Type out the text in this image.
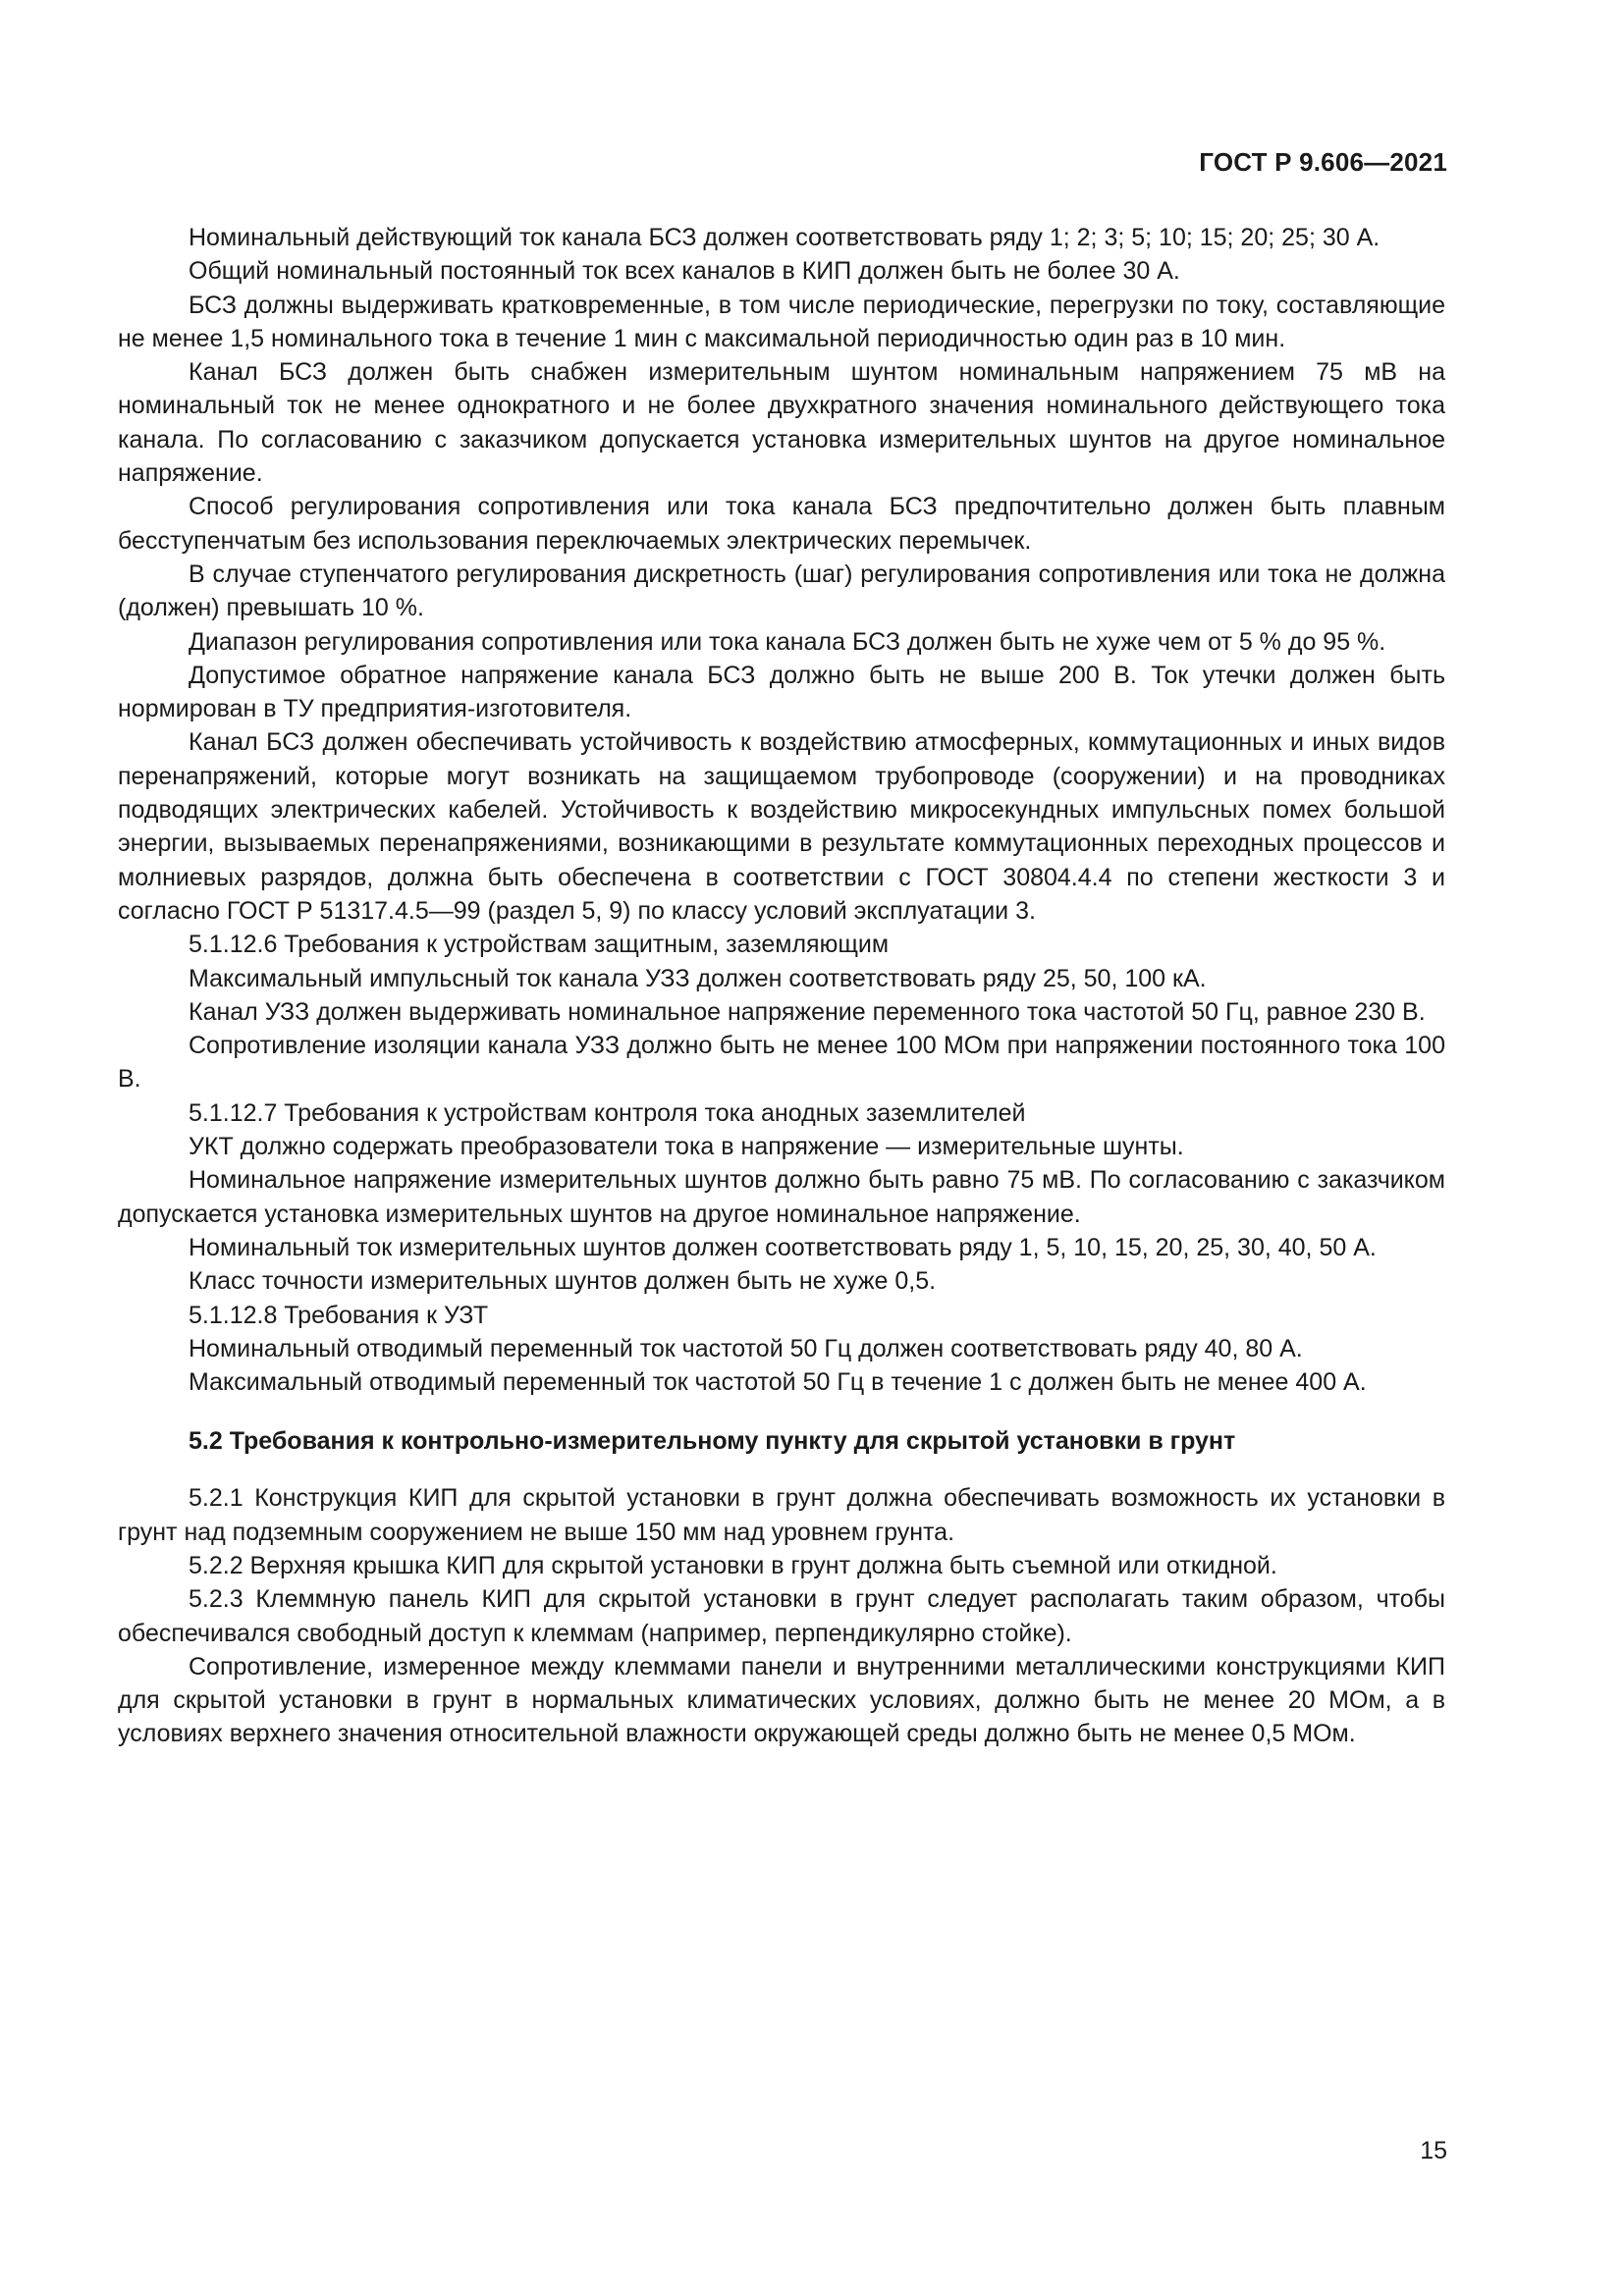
ГОСТ Р 9.606—2021

Номинальный действующий ток канала БСЗ должен соответствовать ряду 1; 2; 3; 5; 10; 15; 20; 25; 30 А.

Общий номинальный постоянный ток всех каналов в КИП должен быть не более 30 А.

БСЗ должны выдерживать кратковременные, в том числе периодические, перегрузки по току, составляющие не менее 1,5 номинального тока в течение 1 мин с максимальной периодичностью один раз в 10 мин.

Канал БСЗ должен быть снабжен измерительным шунтом номинальным напряжением 75 мВ на номинальный ток не менее однократного и не более двухкратного значения номинального действующего тока канала. По согласованию с заказчиком допускается установка измерительных шунтов на другое номинальное напряжение.

Способ регулирования сопротивления или тока канала БСЗ предпочтительно должен быть плавным бесступенчатым без использования переключаемых электрических перемычек.

В случае ступенчатого регулирования дискретность (шаг) регулирования сопротивления или тока не должна (должен) превышать 10 %.

Диапазон регулирования сопротивления или тока канала БСЗ должен быть не хуже чем от 5 % до 95 %.

Допустимое обратное напряжение канала БСЗ должно быть не выше 200 В. Ток утечки должен быть нормирован в ТУ предприятия-изготовителя.

Канал БСЗ должен обеспечивать устойчивость к воздействию атмосферных, коммутационных и иных видов перенапряжений, которые могут возникать на защищаемом трубопроводе (сооружении) и на проводниках подводящих электрических кабелей. Устойчивость к воздействию микросекундных импульсных помех большой энергии, вызываемых перенапряжениями, возникающими в результате коммутационных переходных процессов и молниевых разрядов, должна быть обеспечена в соответствии с ГОСТ 30804.4.4 по степени жесткости 3 и согласно ГОСТ Р 51317.4.5—99 (раздел 5, 9) по классу условий эксплуатации 3.

5.1.12.6 Требования к устройствам защитным, заземляющим

Максимальный импульсный ток канала УЗЗ должен соответствовать ряду 25, 50, 100 кА.

Канал УЗЗ должен выдерживать номинальное напряжение переменного тока частотой 50 Гц, равное 230 В.

Сопротивление изоляции канала УЗЗ должно быть не менее 100 МОм при напряжении постоянного тока 100 В.

5.1.12.7 Требования к устройствам контроля тока анодных заземлителей

УКТ должно содержать преобразователи тока в напряжение — измерительные шунты.

Номинальное напряжение измерительных шунтов должно быть равно 75 мВ. По согласованию с заказчиком допускается установка измерительных шунтов на другое номинальное напряжение.

Номинальный ток измерительных шунтов должен соответствовать ряду 1, 5, 10, 15, 20, 25, 30, 40, 50 А.

Класс точности измерительных шунтов должен быть не хуже 0,5.

5.1.12.8 Требования к УЗТ

Номинальный отводимый переменный ток частотой 50 Гц должен соответствовать ряду 40, 80 А.

Максимальный отводимый переменный ток частотой 50 Гц в течение 1 с должен быть не менее 400 А.

5.2 Требования к контрольно-измерительному пункту для скрытой установки в грунт

5.2.1 Конструкция КИП для скрытой установки в грунт должна обеспечивать возможность их установки в грунт над подземным сооружением не выше 150 мм над уровнем грунта.

5.2.2 Верхняя крышка КИП для скрытой установки в грунт должна быть съемной или откидной.

5.2.3 Клеммную панель КИП для скрытой установки в грунт следует располагать таким образом, чтобы обеспечивался свободный доступ к клеммам (например, перпендикулярно стойке).

Сопротивление, измеренное между клеммами панели и внутренними металлическими конструкциями КИП для скрытой установки в грунт в нормальных климатических условиях, должно быть не менее 20 МОм, а в условиях верхнего значения относительной влажности окружающей среды должно быть не менее 0,5 МОм.

15
